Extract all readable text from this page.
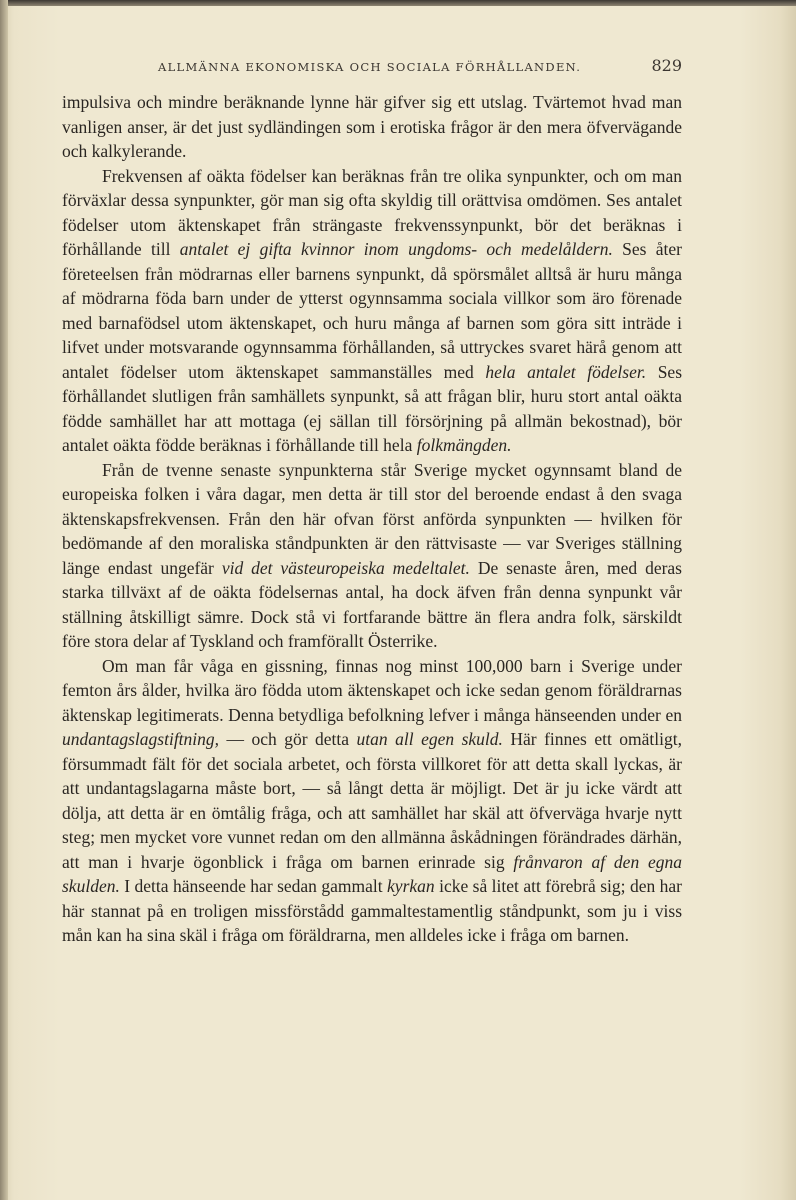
ALLMÄNNA EKONOMISKA OCH SOCIALA FÖRHÅLLANDEN.	829

impulsiva och mindre beräknande lynne här gifver sig ett utslag. Tvärtemot hvad man vanligen anser, är det just sydländingen som i erotiska frågor är den mera öfvervägande och kalkylerande.

Frekvensen af oäkta födelser kan beräknas från tre olika synpunkter, och om man förväxlar dessa synpunkter, gör man sig ofta skyldig till orättvisa omdömen. Ses antalet födelser utom äktenskapet från strängaste frekvenssynpunkt, bör det beräknas i förhållande till antalet ej gifta kvinnor inom ungdoms- och medelåldern. Ses åter företeelsen från mödrarnas eller barnens synpunkt, då spörsmålet alltså är huru många af mödrarna föda barn under de ytterst ogynnsamma sociala villkor som äro förenade med barnafödsel utom äktenskapet, och huru många af barnen som göra sitt inträde i lifvet under motsvarande ogynnsamma förhållanden, så uttryckes svaret härå genom att antalet födelser utom äktenskapet sammanställes med hela antalet födelser. Ses förhållandet slutligen från samhällets synpunkt, så att frågan blir, huru stort antal oäkta födde samhället har att mottaga (ej sällan till försörjning på allmän bekostnad), bör antalet oäkta födde beräknas i förhållande till hela folkmängden.

Från de tvenne senaste synpunkterna står Sverige mycket ogynnsamt bland de europeiska folken i våra dagar, men detta är till stor del beroende endast å den svaga äktenskapsfrekvensen. Från den här ofvan först anförda synpunkten — hvilken för bedömande af den moraliska ståndpunkten är den rättvisaste — var Sveriges ställning länge endast ungefär vid det västeuropeiska medeltalet. De senaste åren, med deras starka tillväxt af de oäkta födelsernas antal, ha dock äfven från denna synpunkt vår ställning åtskilligt sämre. Dock stå vi fortfarande bättre än flera andra folk, särskildt före stora delar af Tyskland och framförallt Österrike.

Om man får våga en gissning, finnas nog minst 100,000 barn i Sverige under femton års ålder, hvilka äro födda utom äktenskapet och icke sedan genom föräldrarnas äktenskap legitimerats. Denna betydliga befolkning lefver i många hänseenden under en undantagslagstiftning, — och gör detta utan all egen skuld. Här finnes ett omätligt, försummadt fält för det sociala arbetet, och första villkoret för att detta skall lyckas, är att undantagslagarna måste bort, — så långt detta är möjligt. Det är ju icke värdt att dölja, att detta är en ömtålig fråga, och att samhället har skäl att öfverväga hvarje nytt steg; men mycket vore vunnet redan om den allmänna åskådningen förändrades därhän, att man i hvarje ögonblick i fråga om barnen erinrade sig frånvaron af den egna skulden. I detta hänseende har sedan gammalt kyrkan icke så litet att förebrå sig; den har här stannat på en troligen missförstådd gammaltestamentlig ståndpunkt, som ju i viss mån kan ha sina skäl i fråga om föräldrarna, men alldeles icke i fråga om barnen.
